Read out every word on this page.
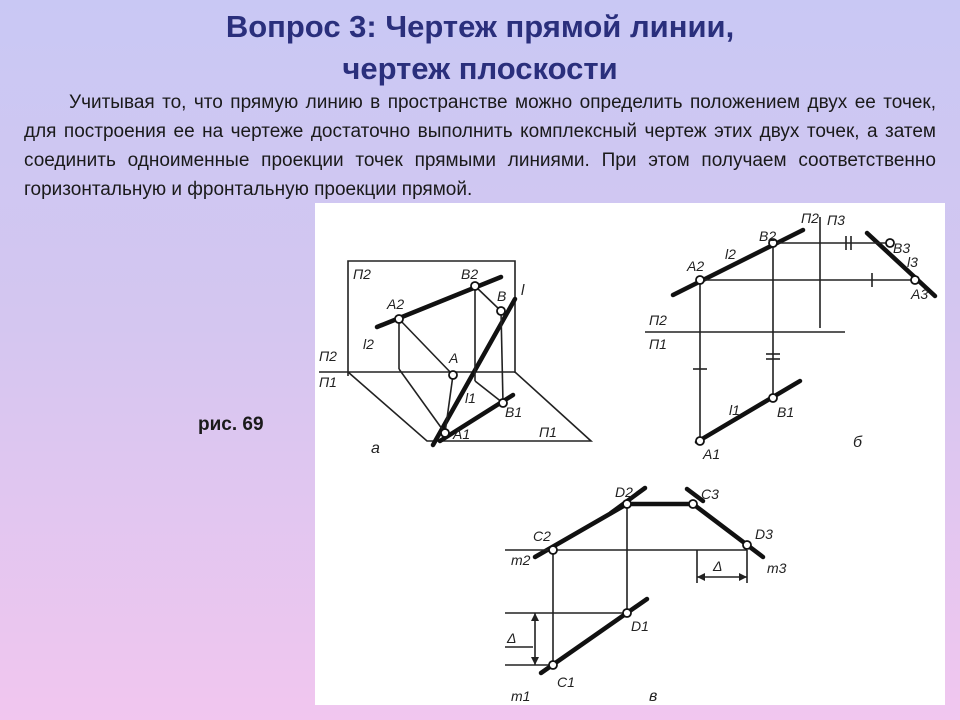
Вопрос 3: Чертеж прямой линии,
чертеж плоскости

Учитывая то, что прямую линию в пространстве можно определить положением двух ее точек, для построения ее на чертеже достаточно выполнить комплексный чертеж этих двух точек, а затем соединить одноименные проекции точек прямыми линиями. При этом получаем соответственно горизонтальную и фронтальную проекции прямой.

П2
П2
П1
П1
A2
B2
B l
l2
A
l1
B1
A1
а
П2 П3
A2
l2
B2
B3
l3
A3
П2
П1
l1	B1
A1
б
D2	C3
C2	D3
m2	m3
Δ
Δ
D1
C1
m1	в
рис. 69
